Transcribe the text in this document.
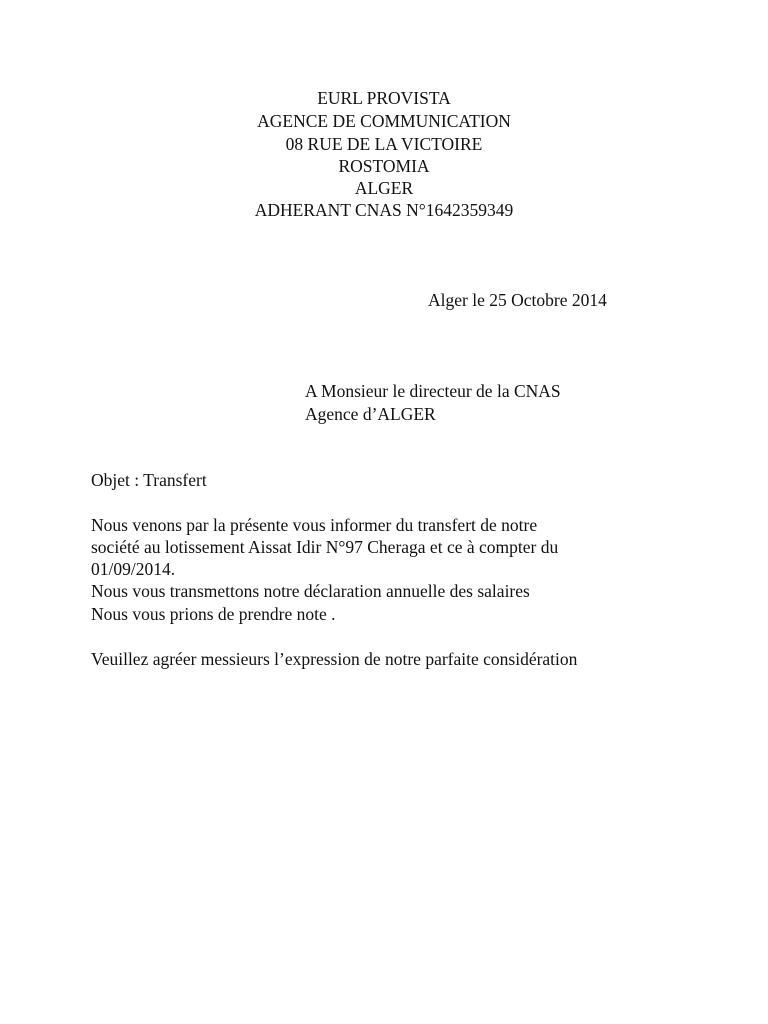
EURL PROVISTA
AGENCE DE COMMUNICATION
08 RUE DE LA VICTOIRE
ROSTOMIA
ALGER
ADHERANT CNAS N°1642359349
Alger le 25 Octobre 2014
A Monsieur le directeur de la CNAS
Agence d’ALGER
Objet : Transfert
Nous venons par la présente vous informer du transfert de notre
société au lotissement Aissat Idir N°97 Cheraga et ce à compter du
01/09/2014.
Nous vous transmettons notre déclaration annuelle des salaires
Nous vous prions de prendre note .
Veuillez agréer messieurs l’expression de notre parfaite considération
